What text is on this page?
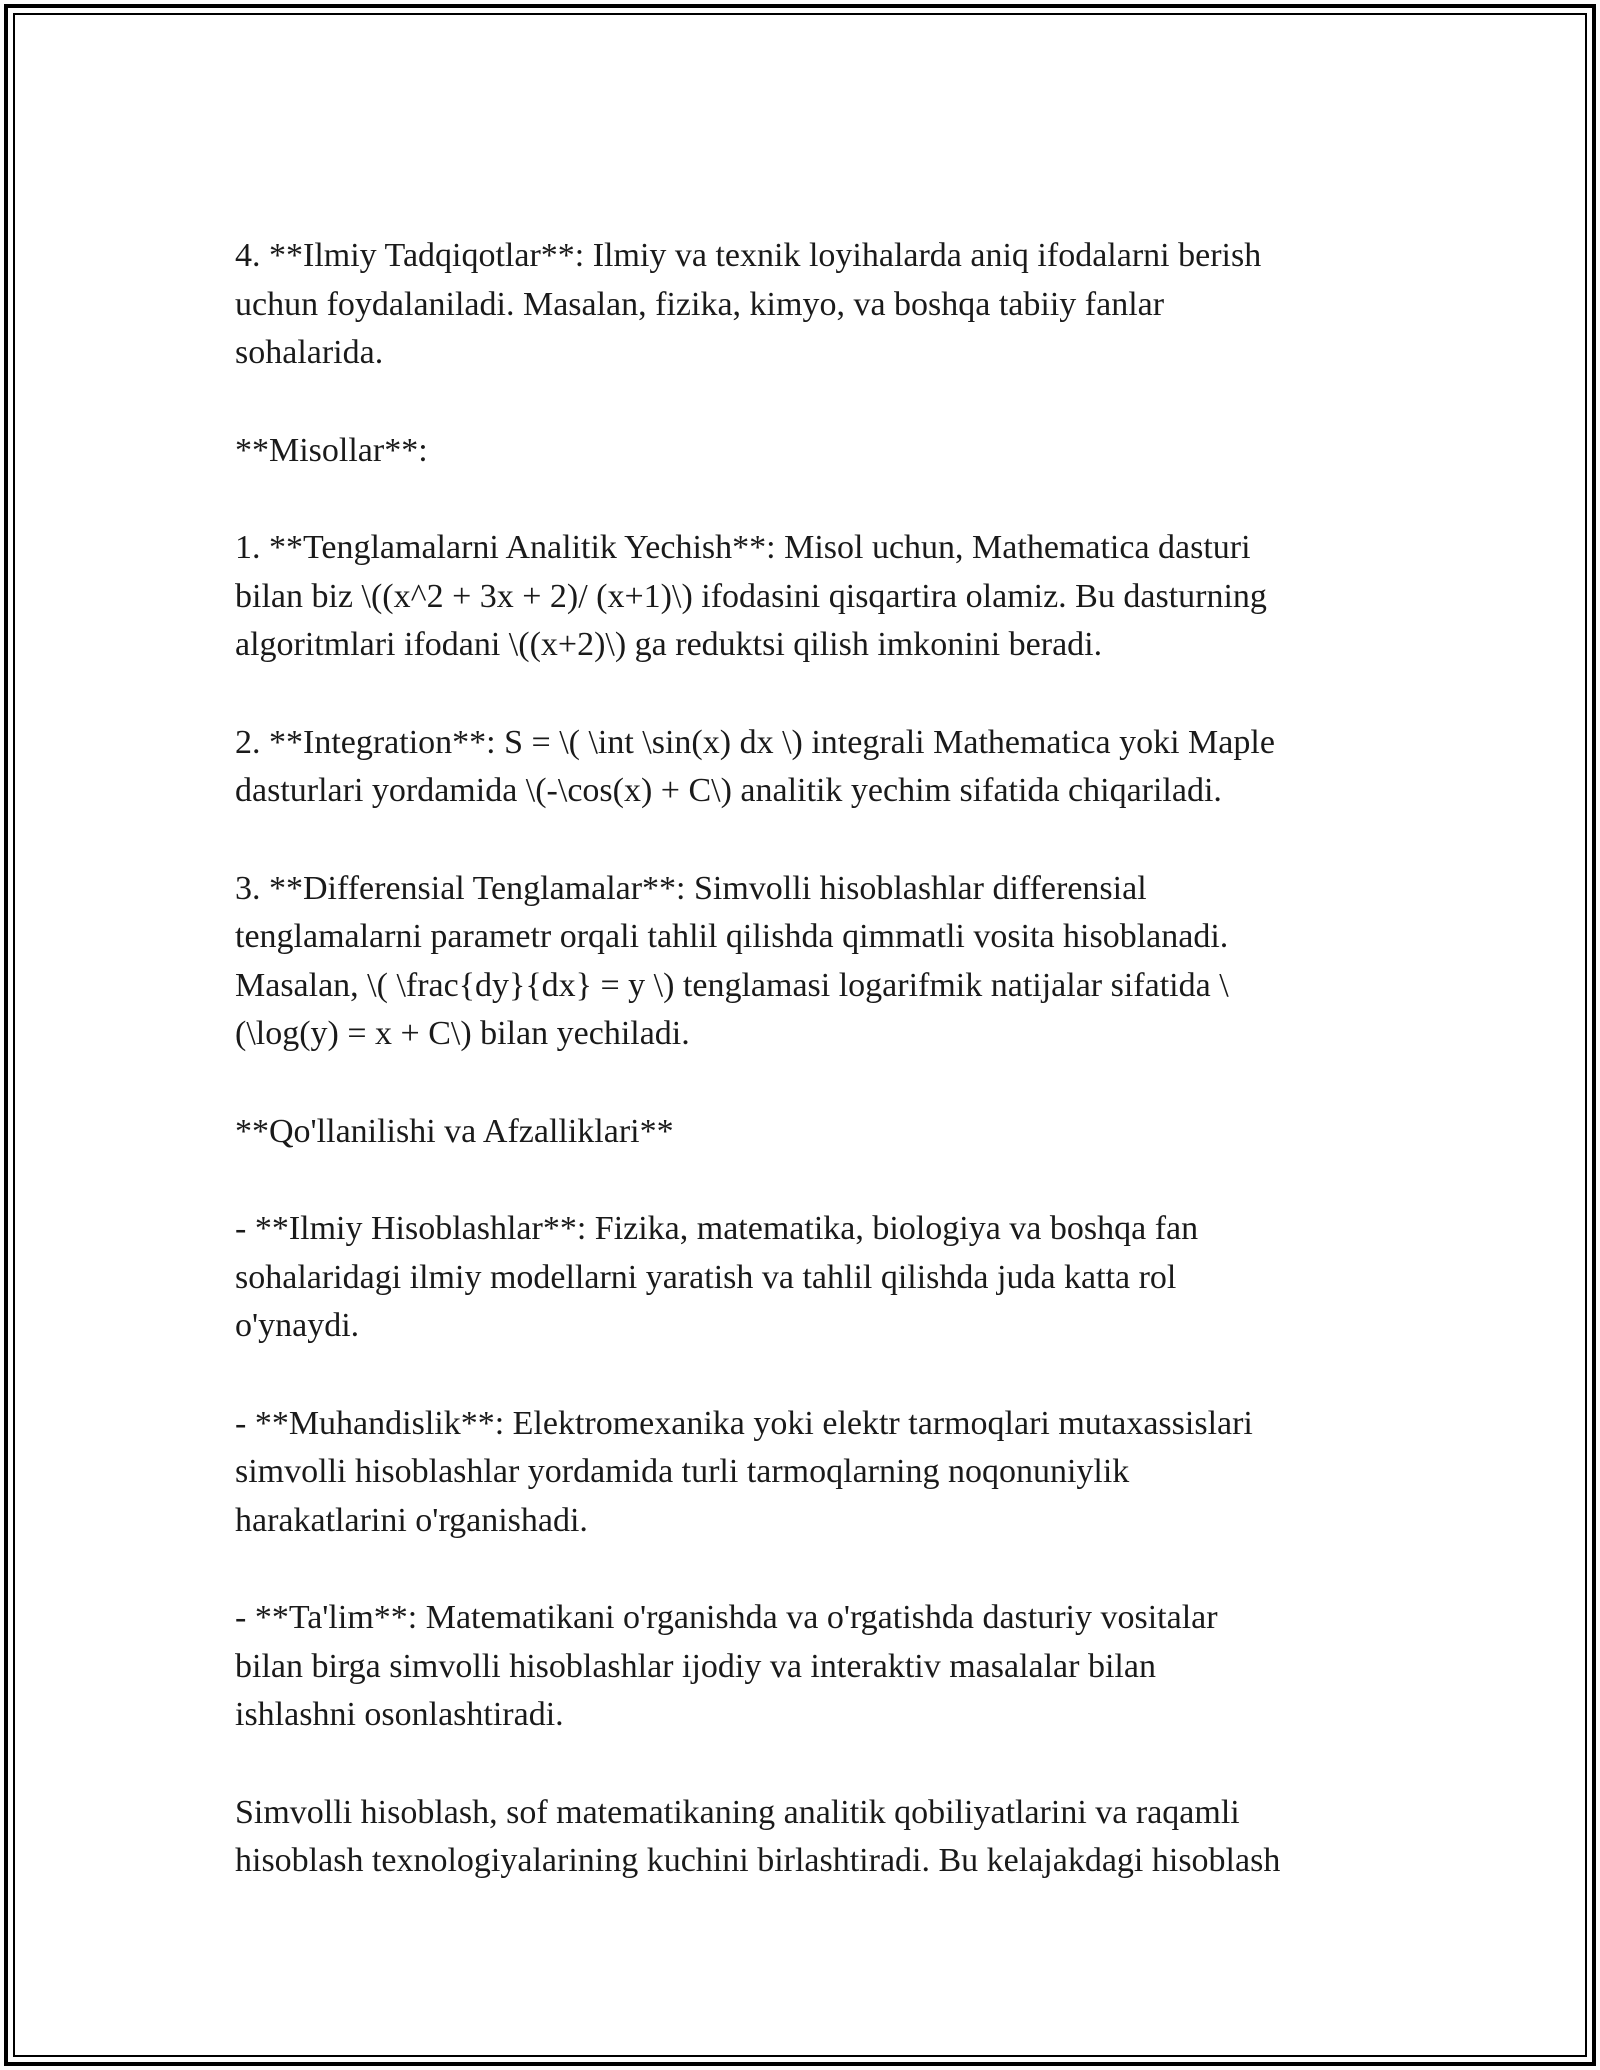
4. **Ilmiy Tadqiqotlar**: Ilmiy va texnik loyihalarda aniq ifodalarni berish
uchun foydalaniladi. Masalan, fizika, kimyo, va boshqa tabiiy fanlar
sohalarida.

**Misollar**:

1. **Tenglamalarni Analitik Yechish**: Misol uchun, Mathematica dasturi
bilan biz \((x^2 + 3x + 2)/ (x+1)\) ifodasini qisqartira olamiz. Bu dasturning
algoritmlari ifodani \((x+2)\) ga reduktsi qilish imkonini beradi.

2. **Integration**: S = \( \int \sin(x) dx \) integrali Mathematica yoki Maple
dasturlari yordamida \(-\cos(x) + C\) analitik yechim sifatida chiqariladi.

3. **Differensial Tenglamalar**: Simvolli hisoblashlar differensial
tenglamalarni parametr orqali tahlil qilishda qimmatli vosita hisoblanadi.
Masalan, \( \frac{dy}{dx} = y \) tenglamasi logarifmik natijalar sifatida \
(\log(y) = x + C\) bilan yechiladi.

**Qo'llanilishi va Afzalliklari**

- **Ilmiy Hisoblashlar**: Fizika, matematika, biologiya va boshqa fan
sohalaridagi ilmiy modellarni yaratish va tahlil qilishda juda katta rol
o'ynaydi.

- **Muhandislik**: Elektromexanika yoki elektr tarmoqlari mutaxassislari
simvolli hisoblashlar yordamida turli tarmoqlarning noqonuniylik
harakatlarini o'rganishadi.

- **Ta'lim**: Matematikani o'rganishda va o'rgatishda dasturiy vositalar
bilan birga simvolli hisoblashlar ijodiy va interaktiv masalalar bilan
ishlashni osonlashtiradi.

Simvolli hisoblash, sof matematikaning analitik qobiliyatlarini va raqamli
hisoblash texnologiyalarining kuchini birlashtiradi. Bu kelajakdagi hisoblash
